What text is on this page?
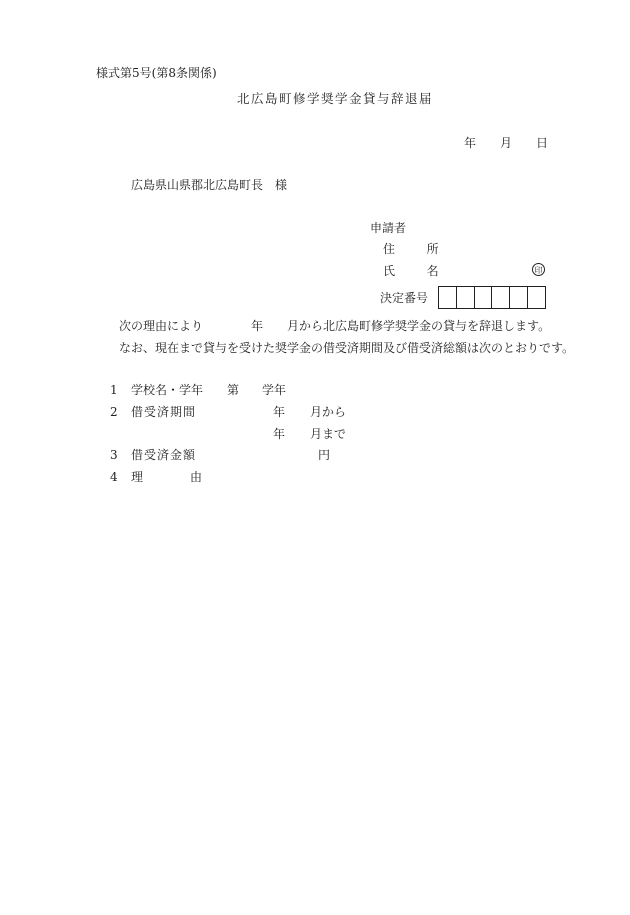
様式第5号(第8条関係)
北広島町修学奨学金貸与辞退届
年 月 日
広島県山県郡北広島町長　様
申請者
住	所
氏	名	印
決定番号
次の理由により	年 月から北広島町修学奨学金の貸与を辞退します。
なお、現在まで貸与を受けた奨学金の借受済期間及び借受済総額は次のとおりです。
1 学校名・学年 第 学年
2 借受済期間	年 月から
年 月まで
3 借受済金額	円
4 理	由
